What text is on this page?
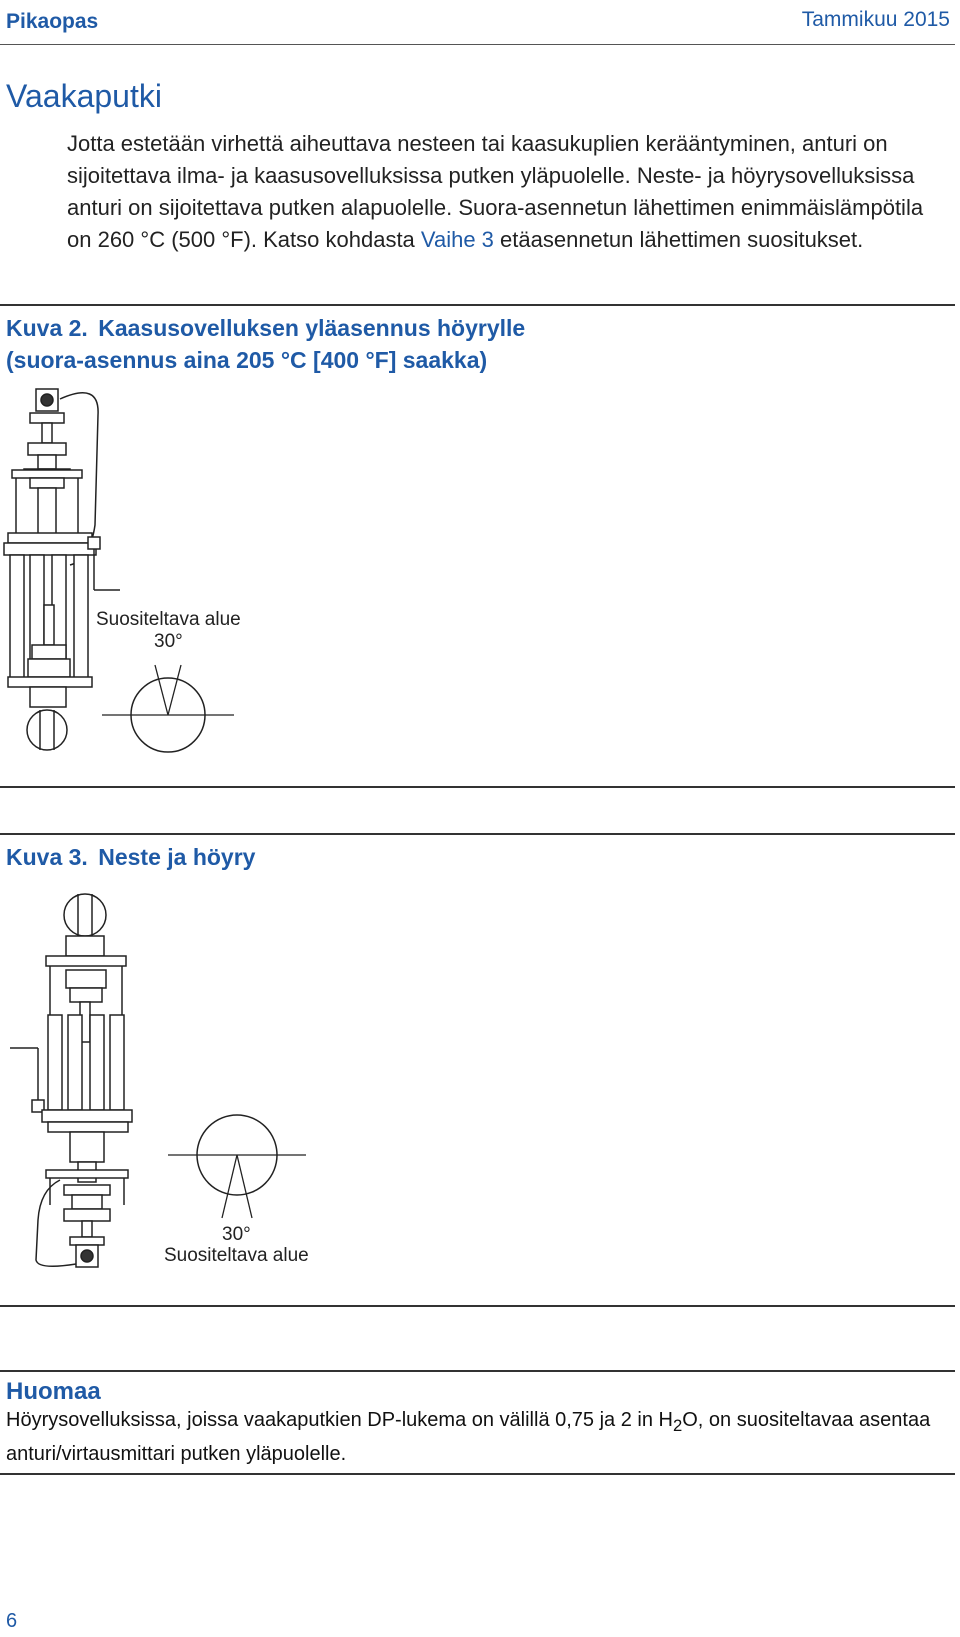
Pikaopas	Tammikuu 2015
Vaakaputki
Jotta estetään virhettä aiheuttava nesteen tai kaasukuplien kerääntyminen, anturi on sijoitettava ilma- ja kaasusovelluksissa putken yläpuolelle. Neste- ja höyrysovelluksissa anturi on sijoitettava putken alapuolelle. Suora-asennetun lähettimen enimmäislämpötila on 260 °C (500 °F). Katso kohdasta Vaihe 3 etäasennetun lähettimen suositukset.
Kuva 2. Kaasusovelluksen yläasennus höyrylle
(suora-asennus aina 205 °C [400 °F] saakka)
Suositeltava alue
30°
Kuva 3. Neste ja höyry
30°
Suositeltava alue
Huomaa
Höyrysovelluksissa, joissa vaakaputkien DP-lukema on välillä 0,75 ja 2 in $H_2O$, on suositeltavaa asentaa anturi/virtausmittari putken yläpuolelle.
6
